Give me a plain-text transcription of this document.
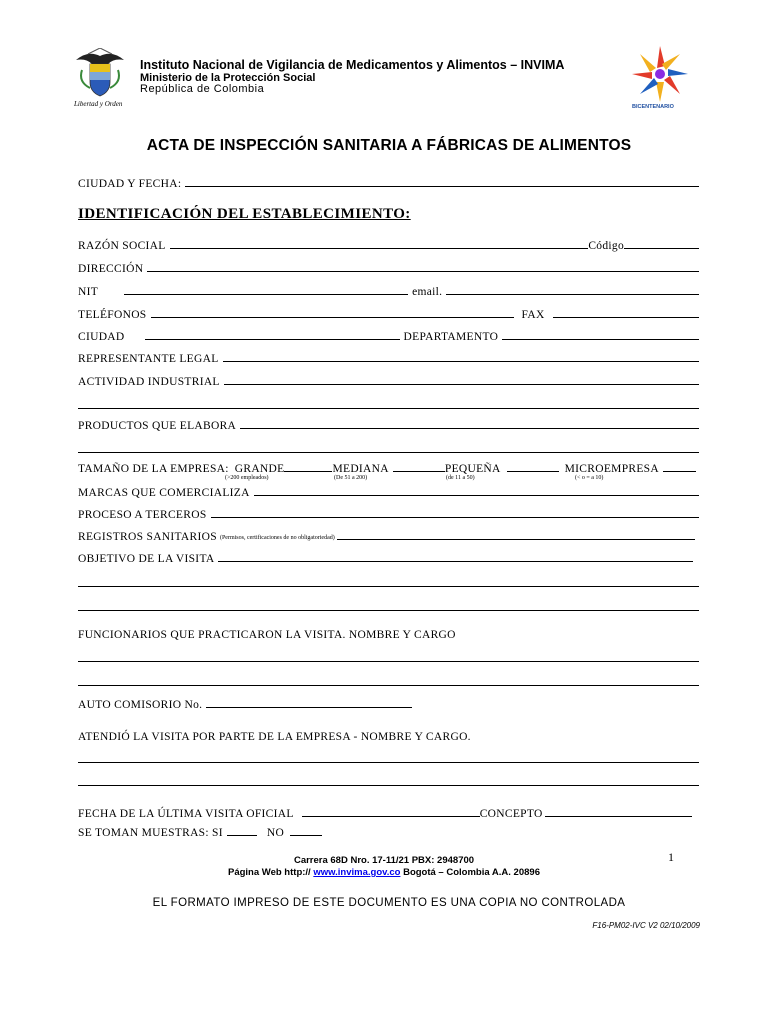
Libertad y Orden
Instituto Nacional de Vigilancia de Medicamentos y Alimentos – INVIMA
Ministerio de la Protección Social
República de Colombia
BICENTENARIO
ACTA DE INSPECCIÓN SANITARIA A FÁBRICAS DE ALIMENTOS
CIUDAD Y FECHA:
IDENTIFICACIÓN DEL ESTABLECIMIENTO:
RAZÓN SOCIAL	Código
DIRECCIÓN
NIT	email.
TELÉFONOS	FAX
CIUDAD	DEPARTAMENTO
REPRESENTANTE LEGAL
ACTIVIDAD INDUSTRIAL
PRODUCTOS QUE ELABORA
TAMAÑO DE LA EMPRESA: GRANDE	MEDIANA	PEQUEÑA	MICROEMPRESA
(>200 empleados)	(De 51 a 200)	(de 11 a 50)	(< o = a 10)
MARCAS QUE COMERCIALIZA
PROCESO A TERCEROS
REGISTROS SANITARIOS (Permisos, certificaciones de no obligatoriedad)
OBJETIVO DE LA VISITA
FUNCIONARIOS QUE PRACTICARON LA VISITA. NOMBRE Y CARGO
AUTO COMISORIO No.
ATENDIÓ LA VISITA POR PARTE DE LA EMPRESA - NOMBRE Y CARGO.
FECHA DE LA ÚLTIMA VISITA OFICIAL	CONCEPTO
SE TOMAN MUESTRAS: SI	NO
1
Carrera 68D Nro. 17-11/21 PBX: 2948700
Página Web http:// www.invima.gov.co Bogotá – Colombia A.A. 20896
EL FORMATO IMPRESO DE ESTE DOCUMENTO ES UNA COPIA NO CONTROLADA
F16-PM02-IVC V2 02/10/2009
